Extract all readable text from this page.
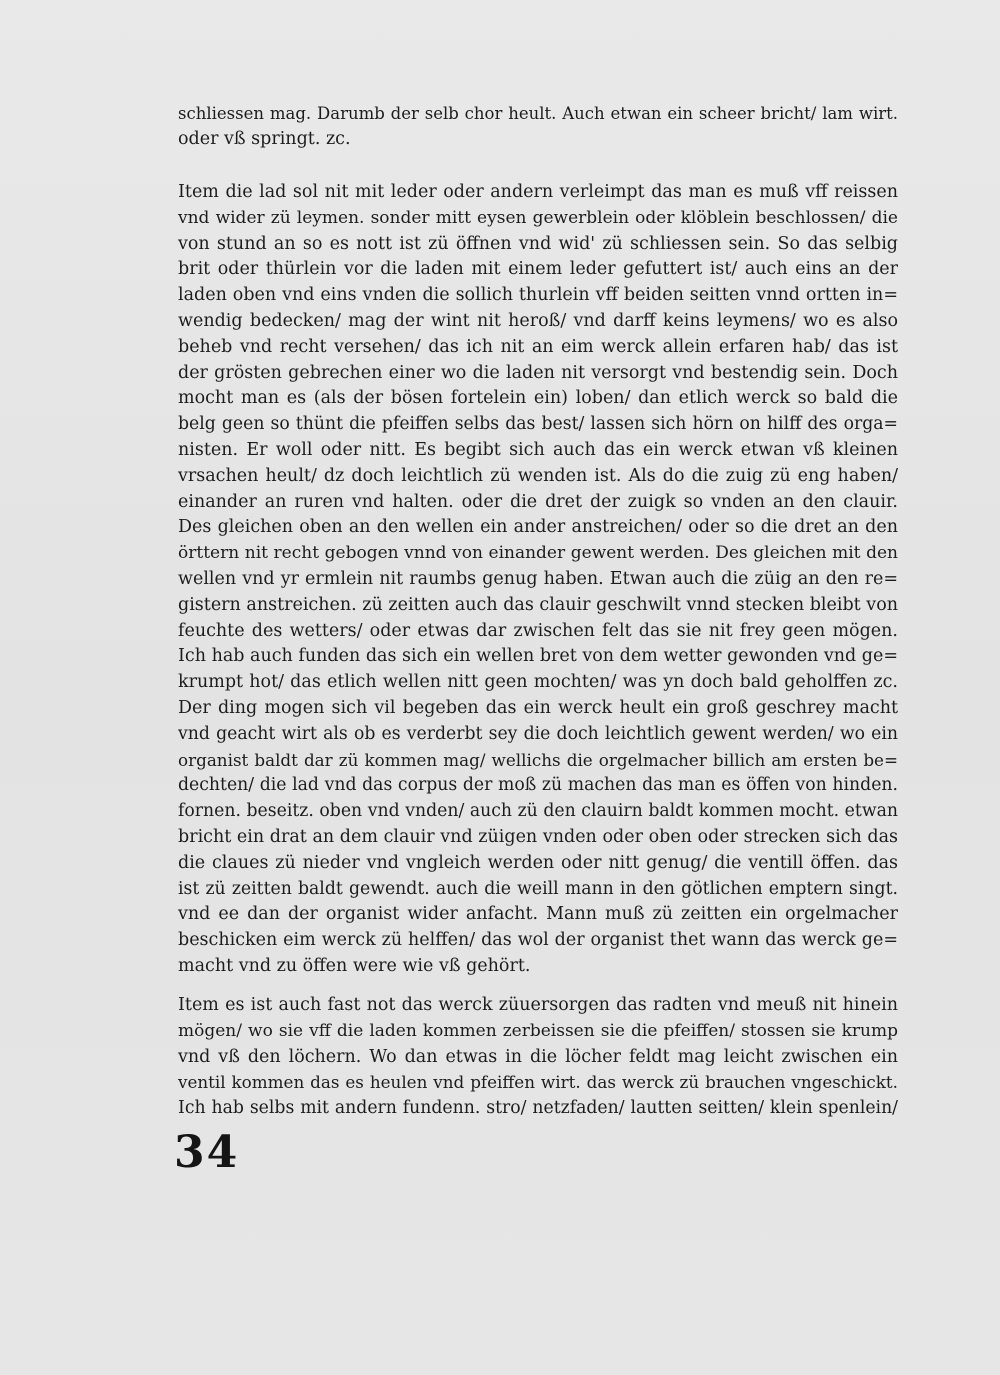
schliessen mag. Darumb der selb chor heult. Auch etwan ein scheer bricht/ lam wirt.
oder vß springt. zc.
Item die lad sol nit mit leder oder andern verleimpt das man es muß vff reissen
vnd wider zü leymen. sonder mitt eysen gewerblein oder klöblein beschlossen/ die
von stund an so es nott ist zü öffnen vnd wid' zü schliessen sein. So das selbig
brit oder thürlein vor die laden mit einem leder gefuttert ist/ auch eins an der
laden oben vnd eins vnden die sollich thurlein vff beiden seitten vnnd ortten in=
wendig bedecken/ mag der wint nit heroß/ vnd darff keins leymens/ wo es also
beheb vnd recht versehen/ das ich nit an eim werck allein erfaren hab/ das ist
der grösten gebrechen einer wo die laden nit versorgt vnd bestendig sein. Doch
mocht man es (als der bösen fortelein ein) loben/ dan etlich werck so bald die
belg geen so thünt die pfeiffen selbs das best/ lassen sich hörn on hilff des orga=
nisten. Er woll oder nitt. Es begibt sich auch das ein werck etwan vß kleinen
vrsachen heult/ dz doch leichtlich zü wenden ist. Als do die zuig zü eng haben/
einander an ruren vnd halten. oder die dret der zuigk so vnden an den clauir.
Des gleichen oben an den wellen ein ander anstreichen/ oder so die dret an den
örttern nit recht gebogen vnnd von einander gewent werden. Des gleichen mit den
wellen vnd yr ermlein nit raumbs genug haben. Etwan auch die züig an den re=
gistern anstreichen. zü zeitten auch das clauir geschwilt vnnd stecken bleibt von
feuchte des wetters/ oder etwas dar zwischen felt das sie nit frey geen mögen.
Ich hab auch funden das sich ein wellen bret von dem wetter gewonden vnd ge=
krumpt hot/ das etlich wellen nitt geen mochten/ was yn doch bald geholffen zc.
Der ding mogen sich vil begeben das ein werck heult ein groß geschrey macht
vnd geacht wirt als ob es verderbt sey die doch leichtlich gewent werden/ wo ein
organist baldt dar zü kommen mag/ wellichs die orgelmacher billich am ersten be=
dechten/ die lad vnd das corpus der moß zü machen das man es öffen von hinden.
fornen. beseitz. oben vnd vnden/ auch zü den clauirn baldt kommen mocht. etwan
bricht ein drat an dem clauir vnd züigen vnden oder oben oder strecken sich das
die claues zü nieder vnd vngleich werden oder nitt genug/ die ventill öffen. das
ist zü zeitten baldt gewendt. auch die weill mann in den götlichen emptern singt.
vnd ee dan der organist wider anfacht. Mann muß zü zeitten ein orgelmacher
beschicken eim werck zü helffen/ das wol der organist thet wann das werck ge=
macht vnd zu öffen were wie vß gehört.
Item es ist auch fast not das werck züuersorgen das radten vnd meuß nit hinein
mögen/ wo sie vff die laden kommen zerbeissen sie die pfeiffen/ stossen sie krump
vnd vß den löchern. Wo dan etwas in die löcher feldt mag leicht zwischen ein
ventil kommen das es heulen vnd pfeiffen wirt. das werck zü brauchen vngeschickt.
Ich hab selbs mit andern fundenn. stro/ netzfaden/ lautten seitten/ klein spenlein/
34
